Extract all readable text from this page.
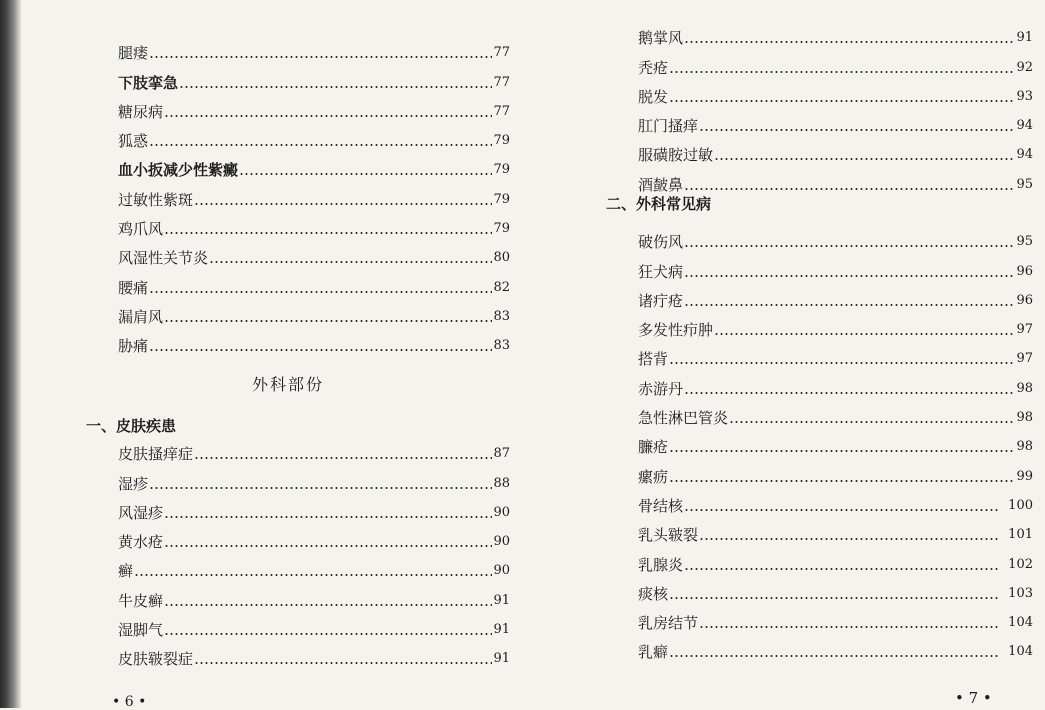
腿瘘	77
下肢挛急	77
糖尿病	77
狐惑	79
血小扳减少性紫癜	79
过敏性紫斑	79
鸡爪风	79
风湿性关节炎	80
腰痛	82
漏肩风	83
胁痛	83
外科部份
一、皮肤疾患
皮肤搔痒症	87
湿疹	88
风湿疹	90
黄水疮	90
癣	90
牛皮癣	91
湿脚气	91
皮肤皲裂症	91
• 6 •
鹅掌风	91
秃疮	92
脱发	93
肛门搔痒	94
服磺胺过敏	94
酒皶鼻	95
二、外科常见病
破伤风	95
狂犬病	96
诸疔疮	96
多发性疖肿	97
搭背	97
赤游丹	98
急性淋巴管炎	98
臁疮	98
瘰疬	99
骨结核	100
乳头皲裂	101
乳腺炎	102
痰核	103
乳房结节	104
乳癖	104
• 7 •
